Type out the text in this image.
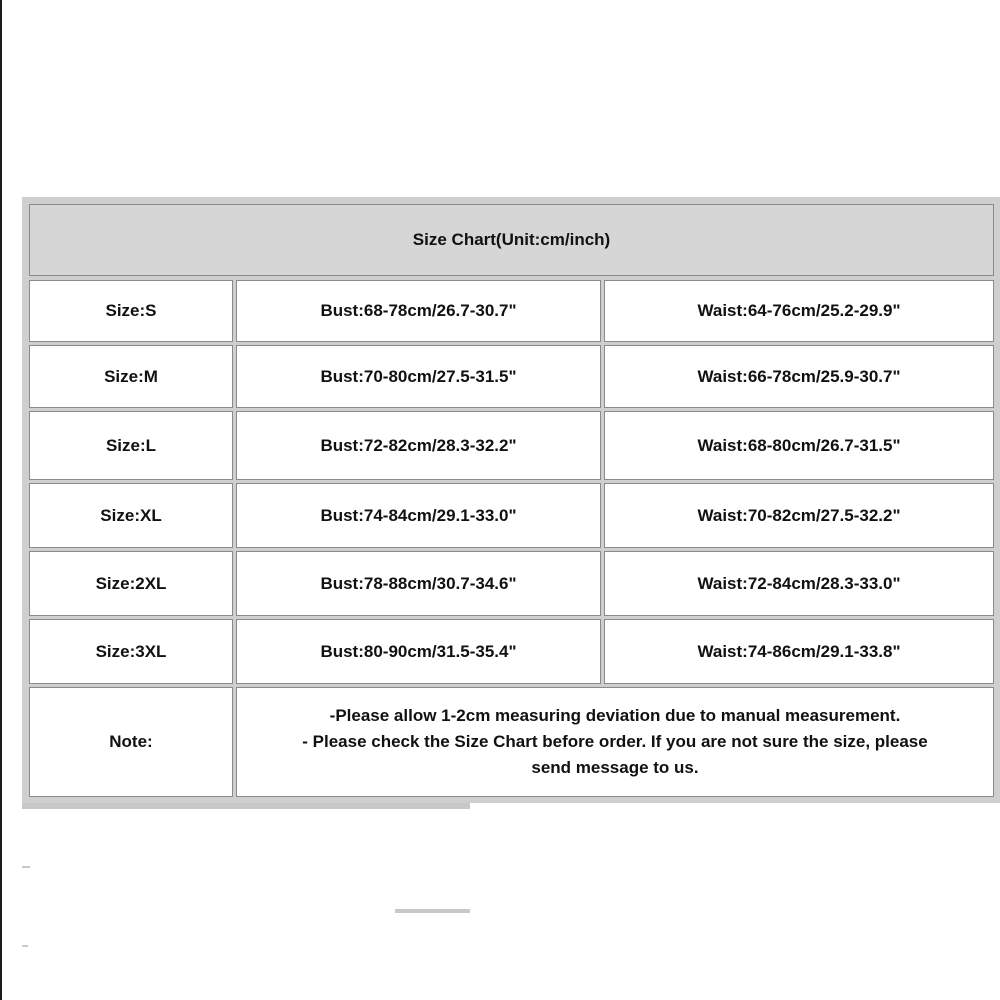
Size Chart(Unit:cm/inch)
Size:S	Bust:68-78cm/26.7-30.7"	Waist:64-76cm/25.2-29.9"
Size:M	Bust:70-80cm/27.5-31.5"	Waist:66-78cm/25.9-30.7"
Size:L	Bust:72-82cm/28.3-32.2"	Waist:68-80cm/26.7-31.5"
Size:XL	Bust:74-84cm/29.1-33.0"	Waist:70-82cm/27.5-32.2"
Size:2XL	Bust:78-88cm/30.7-34.6"	Waist:72-84cm/28.3-33.0"
Size:3XL	Bust:80-90cm/31.5-35.4"	Waist:74-86cm/29.1-33.8"
Note:
-Please allow 1-2cm measuring deviation due to manual measurement.
- Please check the Size Chart before order. If you are not sure the size, please
send message to us.
